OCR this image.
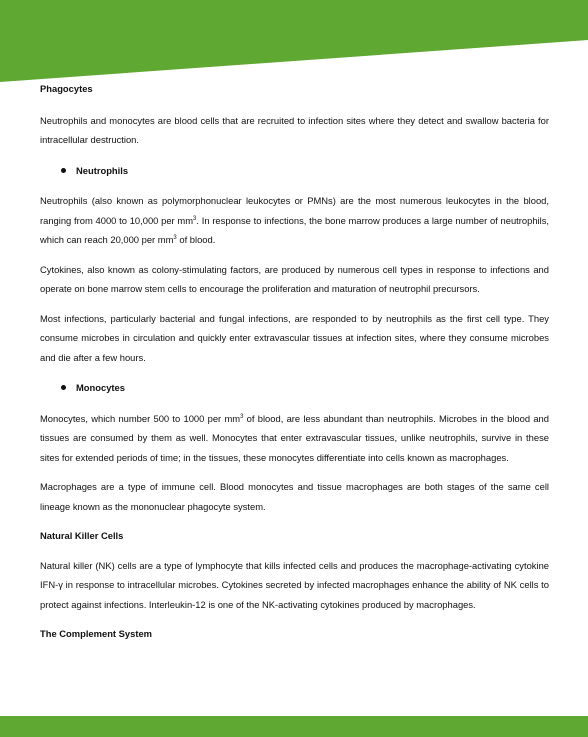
Phagocytes

Neutrophils and monocytes are blood cells that are recruited to infection sites where they detect and swallow bacteria for intracellular destruction.

Neutrophils

Neutrophils (also known as polymorphonuclear leukocytes or PMNs) are the most numerous leukocytes in the blood, ranging from 4000 to 10,000 per $mm^3$. In response to infections, the bone marrow produces a large number of neutrophils, which can reach 20,000 per $mm^3$ of blood.

Cytokines, also known as colony-stimulating factors, are produced by numerous cell types in response to infections and operate on bone marrow stem cells to encourage the proliferation and maturation of neutrophil precursors.

Most infections, particularly bacterial and fungal infections, are responded to by neutrophils as the first cell type. They consume microbes in circulation and quickly enter extravascular tissues at infection sites, where they consume microbes and die after a few hours.

Monocytes

Monocytes, which number 500 to 1000 per $mm^3$ of blood, are less abundant than neutrophils. Microbes in the blood and tissues are consumed by them as well. Monocytes that enter extravascular tissues, unlike neutrophils, survive in these sites for extended periods of time; in the tissues, these monocytes differentiate into cells known as macrophages.

Macrophages are a type of immune cell. Blood monocytes and tissue macrophages are both stages of the same cell lineage known as the mononuclear phagocyte system.

Natural Killer Cells

Natural killer (NK) cells are a type of lymphocyte that kills infected cells and produces the macrophage-activating cytokine IFN-γ in response to intracellular microbes. Cytokines secreted by infected macrophages enhance the ability of NK cells to protect against infections. Interleukin-12 is one of the NK-activating cytokines produced by macrophages.

The Complement System
